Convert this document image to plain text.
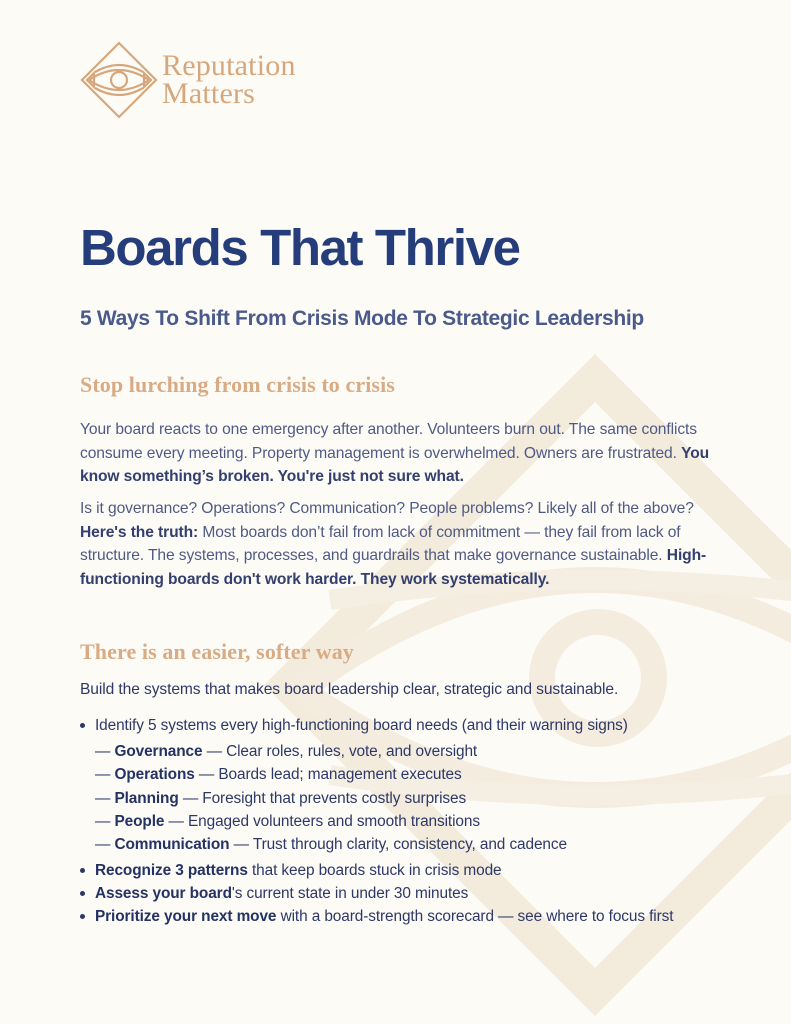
Reputation
Matters
Boards That Thrive
5 Ways To Shift From Crisis Mode To Strategic Leadership
Stop lurching from crisis to crisis

Your board reacts to one emergency after another. Volunteers burn out. The same conflicts consume every meeting. Property management is overwhelmed. Owners are frustrated. You know something’s broken. You're just not sure what.

Is it governance? Operations? Communication? People problems? Likely all of the above? Here's the truth: Most boards don’t fail from lack of commitment — they fail from lack of structure. The systems, processes, and guardrails that make governance sustainable. High-functioning boards don't work harder. They work systematically.

There is an easier, softer way

Build the systems that makes board leadership clear, strategic and sustainable.

Identify 5 systems every high-functioning board needs (and their warning signs)
— Governance — Clear roles, rules, vote, and oversight
— Operations — Boards lead; management executes
— Planning — Foresight that prevents costly surprises
— People — Engaged volunteers and smooth transitions
— Communication — Trust through clarity, consistency, and cadence
Recognize 3 patterns that keep boards stuck in crisis mode
Assess your board's current state in under 30 minutes
Prioritize your next move with a board-strength scorecard — see where to focus first
